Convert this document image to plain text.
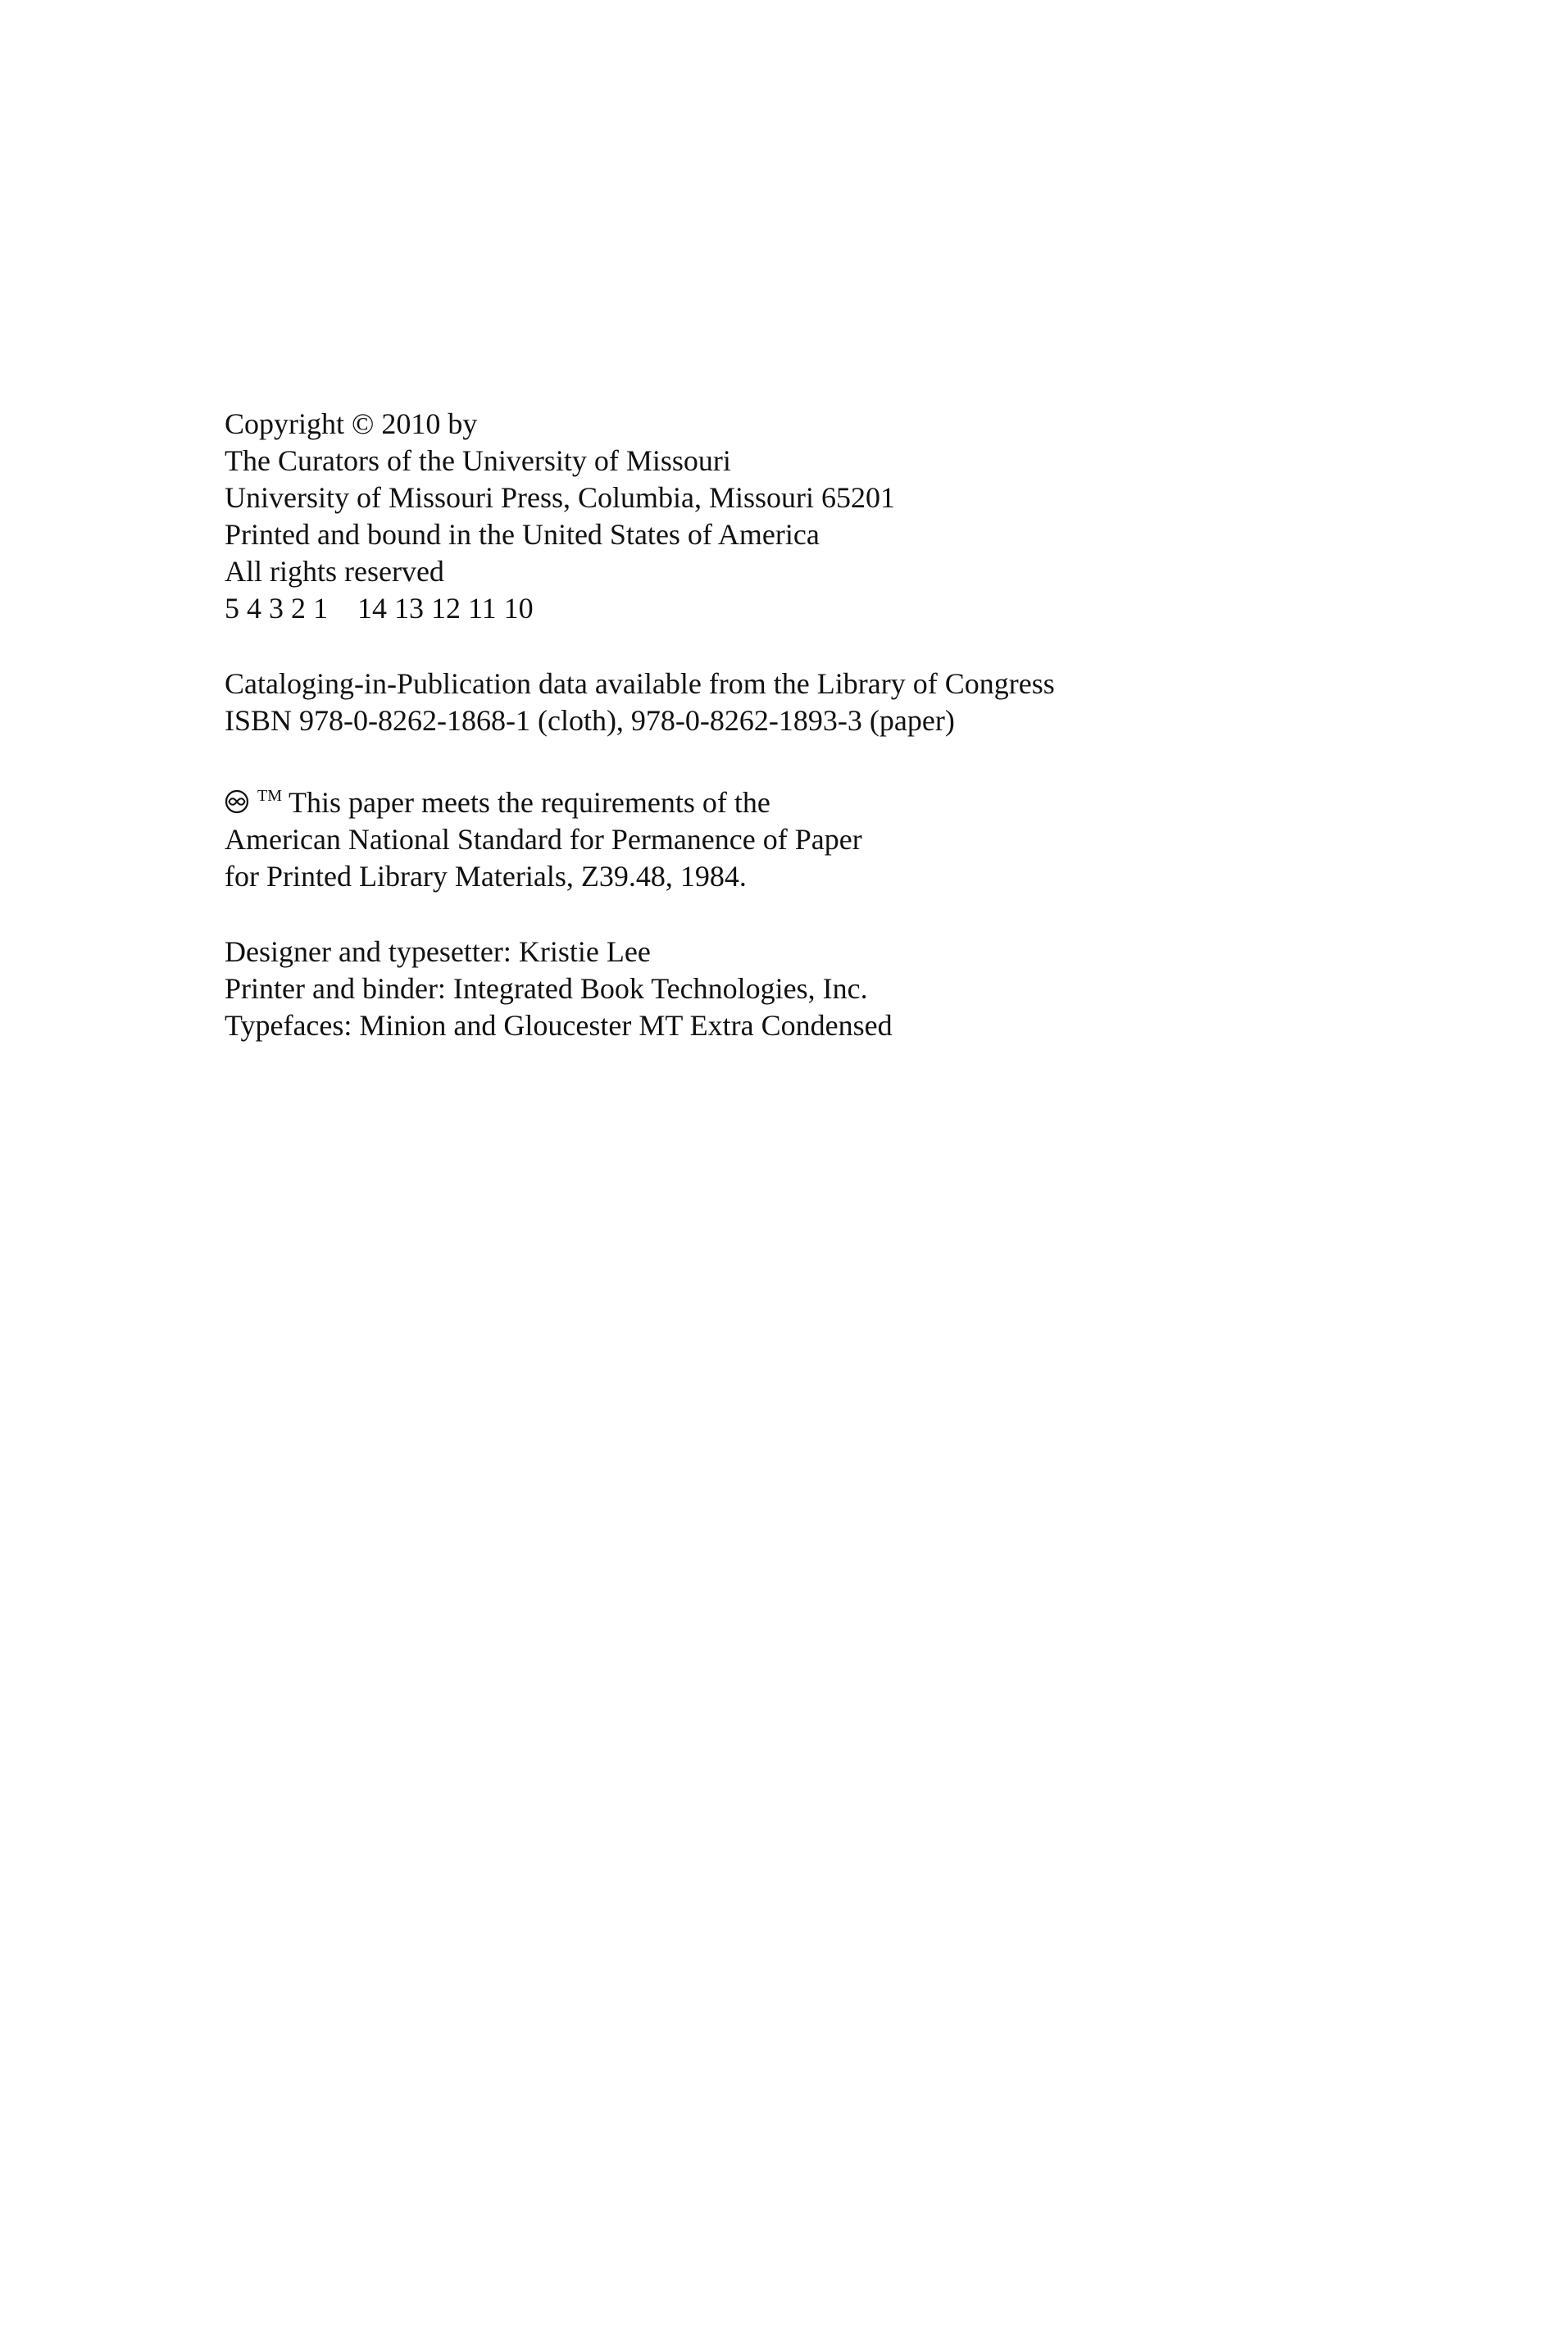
Copyright © 2010 by

The Curators of the University of Missouri

University of Missouri Press, Columbia, Missouri 65201

Printed and bound in the United States of America

All rights reserved

5 4 3 2 1 14 13 12 11 10

Cataloging-in-Publication data available from the Library of Congress

ISBN 978-0-8262-1868-1 (cloth), 978-0-8262-1893-3 (paper)

™ This paper meets the requirements of the

American National Standard for Permanence of Paper

for Printed Library Materials, Z39.48, 1984.

Designer and typesetter: Kristie Lee

Printer and binder: Integrated Book Technologies, Inc.

Typefaces: Minion and Gloucester MT Extra Condensed
